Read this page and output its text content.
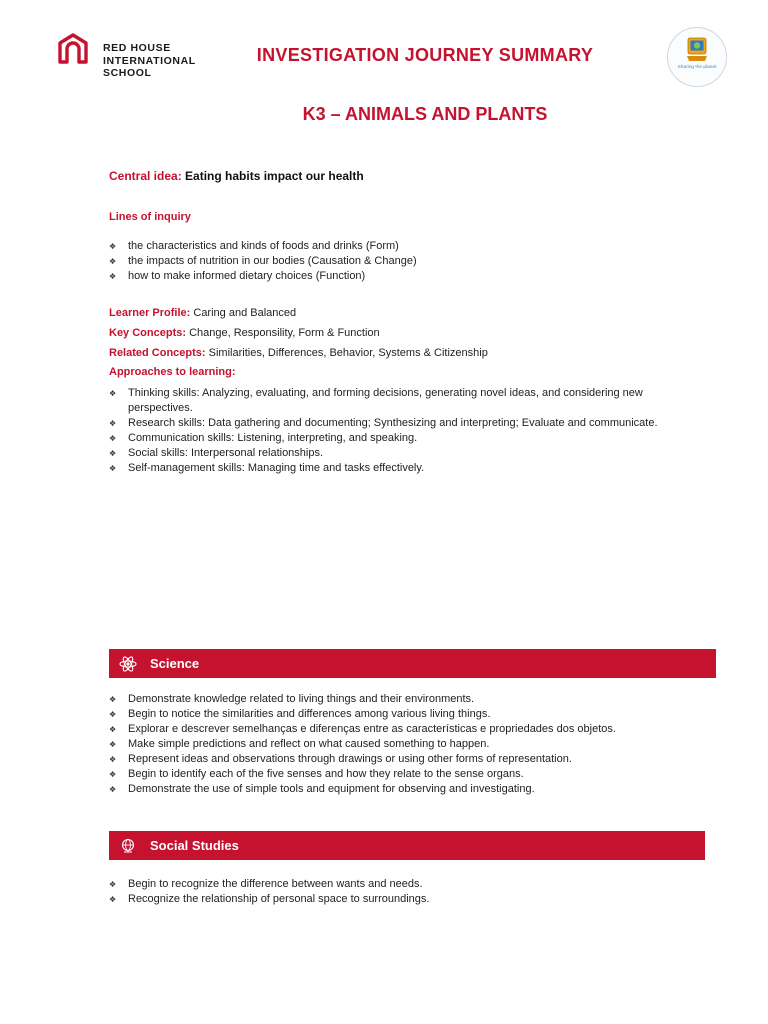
RED HOUSE
INTERNATIONAL
SCHOOL
INVESTIGATION JOURNEY SUMMARY
K3 – ANIMALS AND PLANTS
Sharing the planet
Central idea: Eating habits impact our health
Lines of inquiry
❖ the characteristics and kinds of foods and drinks (Form)
❖ the impacts of nutrition in our bodies (Causation & Change)
❖ how to make informed dietary choices (Function)
Learner Profile: Caring and Balanced
Key Concepts: Change, Responsility, Form & Function
Related Concepts: Similarities, Differences, Behavior, Systems & Citizenship
Approaches to learning:
❖ Thinking skills: Analyzing, evaluating, and forming decisions, generating novel ideas, and considering new perspectives.
❖ Research skills: Data gathering and documenting; Synthesizing and interpreting; Evaluate and communicate.
❖ Communication skills: Listening, interpreting, and speaking.
❖ Social skills: Interpersonal relationships.
❖ Self-management skills: Managing time and tasks effectively.
Science
❖ Demonstrate knowledge related to living things and their environments.
❖ Begin to notice the similarities and differences among various living things.
❖ Explorar e descrever semelhanças e diferenças entre as características e propriedades dos objetos.
❖ Make simple predictions and reflect on what caused something to happen.
❖ Represent ideas and observations through drawings or using other forms of representation.
❖ Begin to identify each of the five senses and how they relate to the sense organs.
❖ Demonstrate the use of simple tools and equipment for observing and investigating.
Social Studies
❖ Begin to recognize the difference between wants and needs.
❖ Recognize the relationship of personal space to surroundings.
